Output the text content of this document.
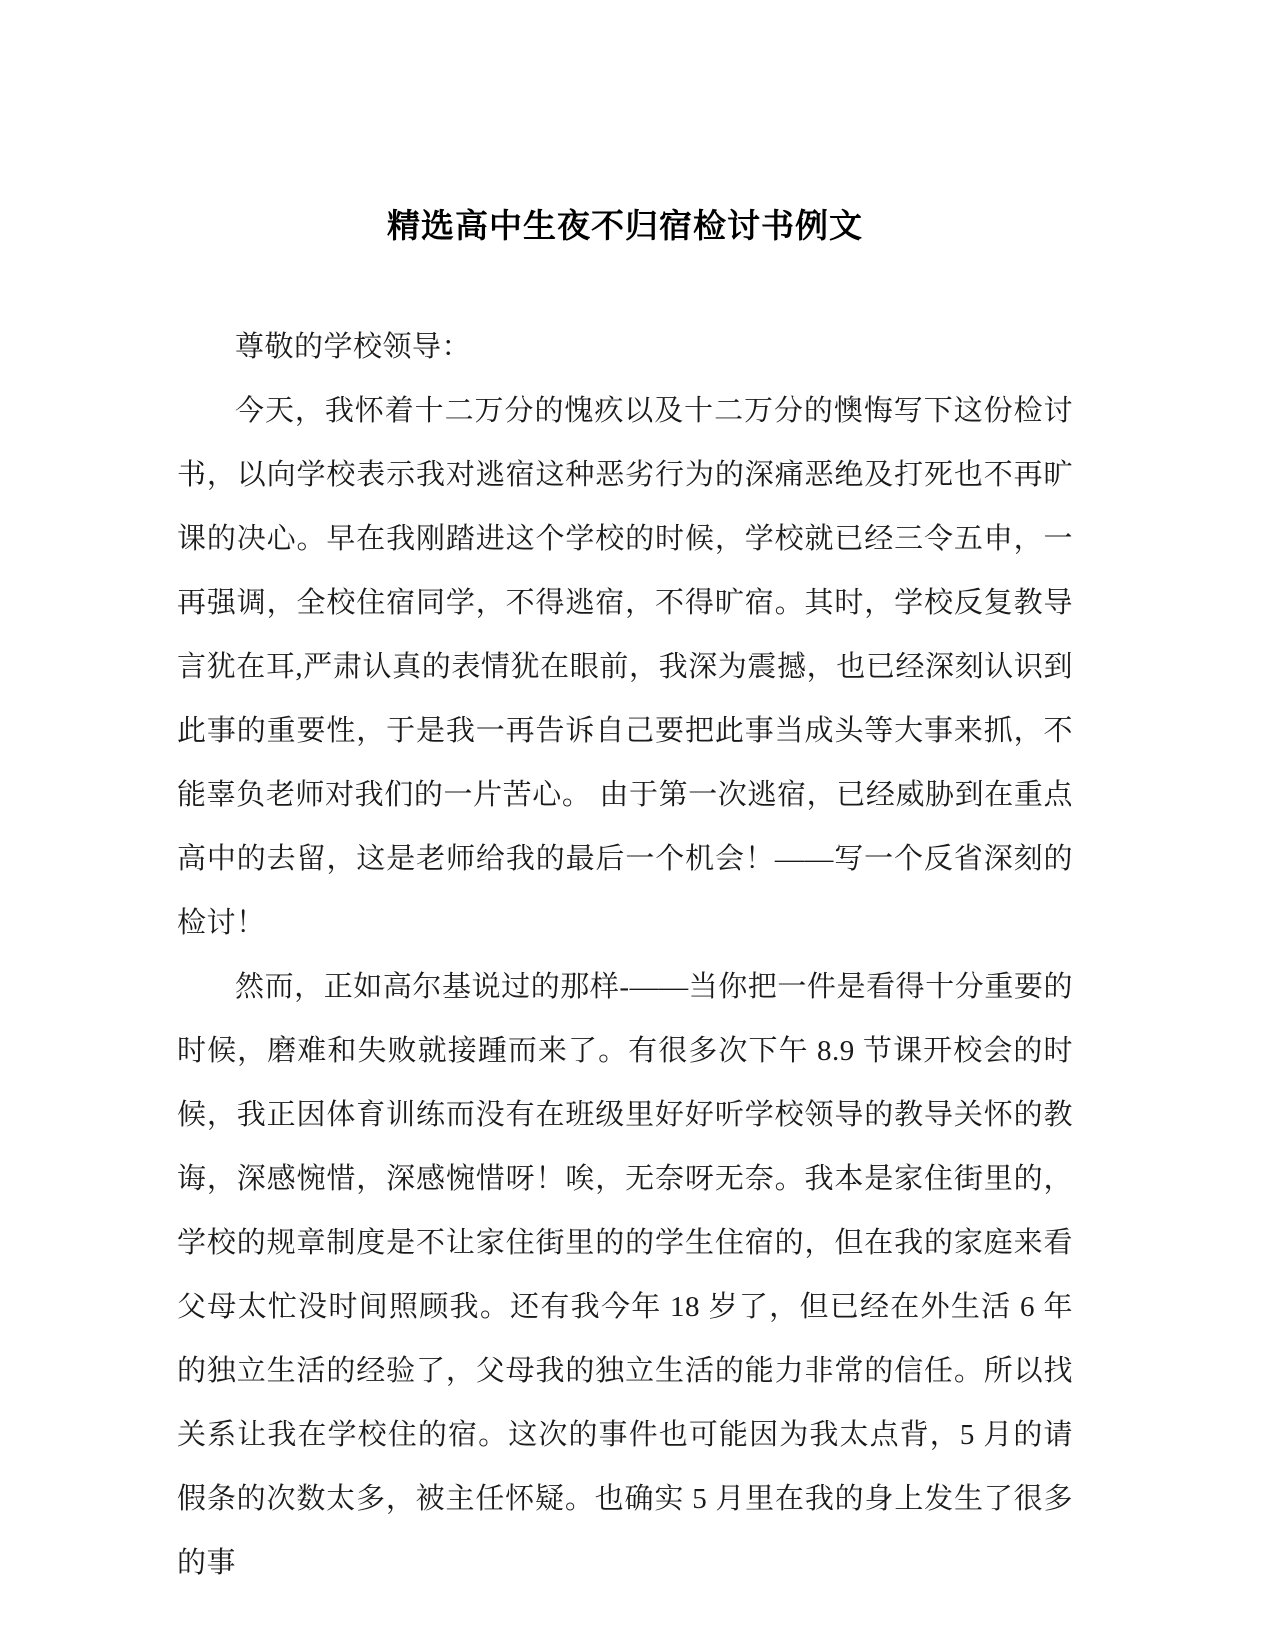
精选高中生夜不归宿检讨书例文

尊敬的学校领导：

今天，我怀着十二万分的愧疚以及十二万分的懊悔写下这份检讨书，以向学校表示我对逃宿这种恶劣行为的深痛恶绝及打死也不再旷课的决心。早在我刚踏进这个学校的时候，学校就已经三令五申，一再强调，全校住宿同学，不得逃宿，不得旷宿。其时，学校反复教导言犹在耳,严肃认真的表情犹在眼前，我深为震撼，也已经深刻认识到此事的重要性，于是我一再告诉自己要把此事当成头等大事来抓，不能辜负老师对我们的一片苦心。 由于第一次逃宿，已经威胁到在重点高中的去留，这是老师给我的最后一个机会！——写一个反省深刻的检讨！

然而，正如高尔基说过的那样-——当你把一件是看得十分重要的时候，磨难和失败就接踵而来了。有很多次下午 8.9 节课开校会的时候，我正因体育训练而没有在班级里好好听学校领导的教导关怀的教诲，深感惋惜，深感惋惜呀！唉，无奈呀无奈。我本是家住街里的，学校的规章制度是不让家住街里的的学生住宿的，但在我的家庭来看父母太忙没时间照顾我。还有我今年 18 岁了，但已经在外生活 6 年的独立生活的经验了，父母我的独立生活的能力非常的信任。所以找关系让我在学校住的宿。这次的事件也可能因为我太点背，5 月的请假条的次数太多，被主任怀疑。也确实 5 月里在我的身上发生了很多的事
